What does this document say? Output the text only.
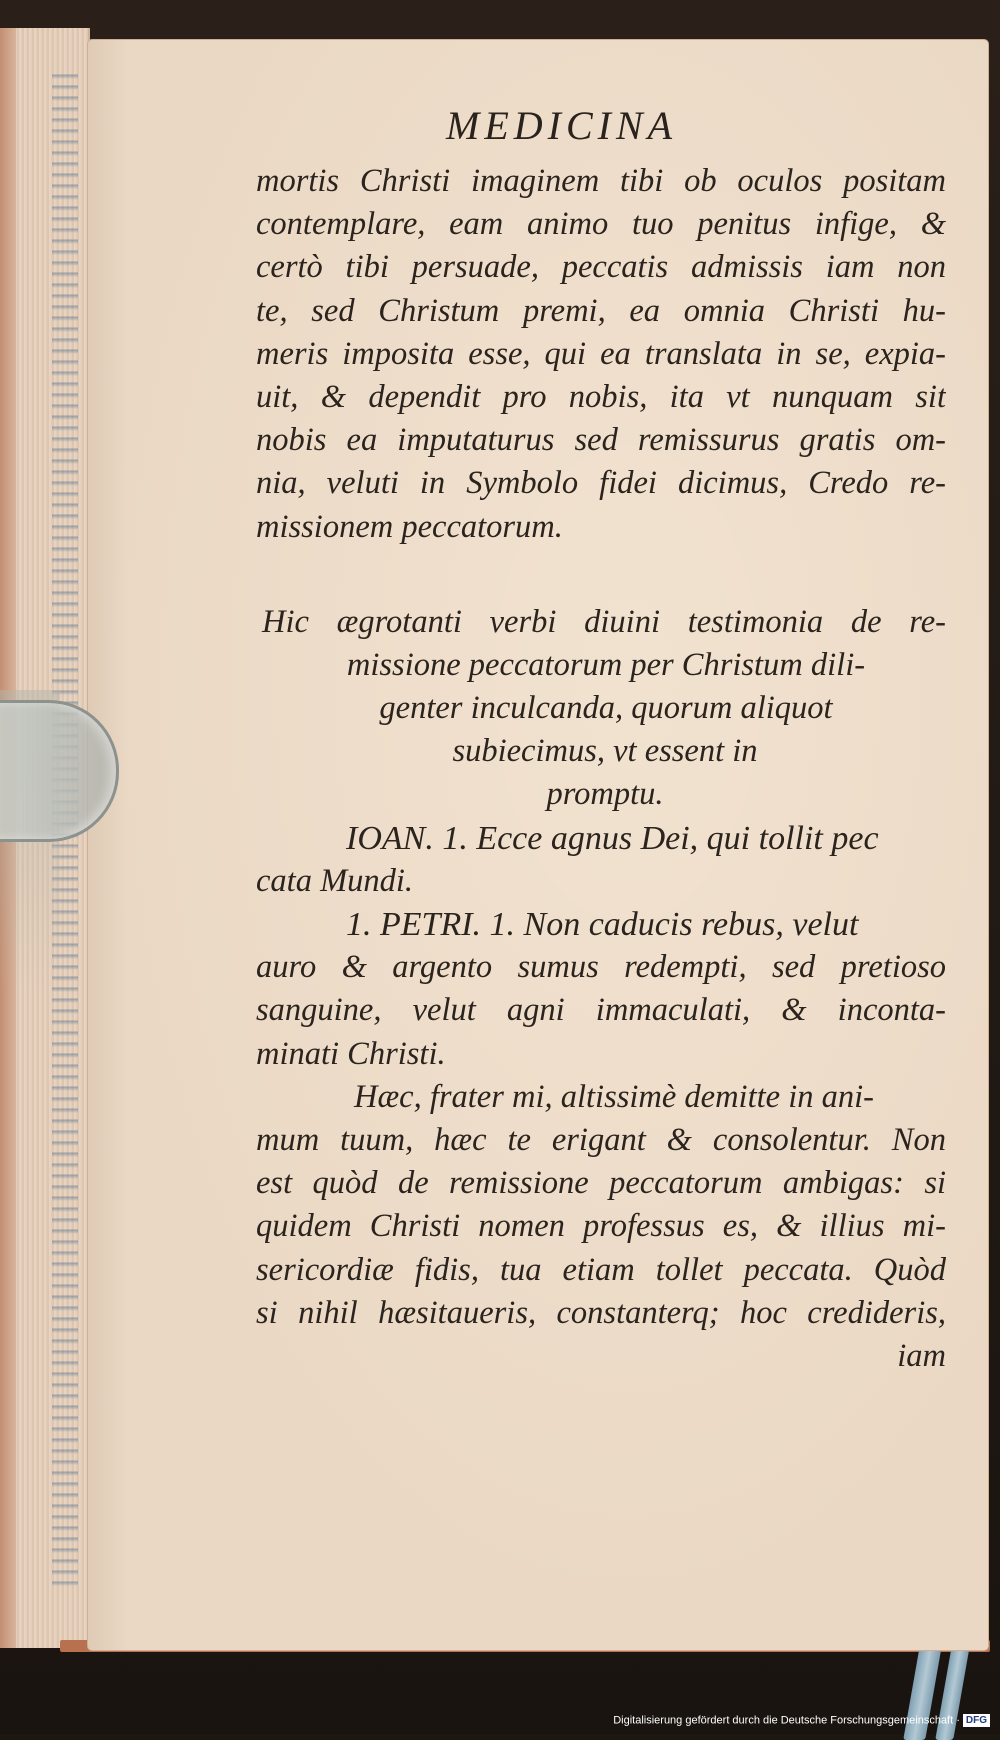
MEDICINA
mortis Christi imaginem tibi ob oculos positam
contemplare, eam animo tuo penitus infige, &
certò tibi persuade, peccatis admissis iam non
te, sed Christum premi, ea omnia Christi hu-
meris imposita esse, qui ea translata in se, expia-
uit, & dependit pro nobis, ita vt nunquam sit
nobis ea imputaturus sed remissurus gratis om-
nia, veluti in Symbolo fidei dicimus, Credo re-
missionem peccatorum.
Hic ægrotanti verbi diuini testimonia de re-
missione peccatorum per Christum dili-
genter inculcanda, quorum aliquot
subiecimus, vt essent in
promptu.
IOAN. 1. Ecce agnus Dei, qui tollit pec
cata Mundi.
1. PETRI. 1. Non caducis rebus, velut
auro & argento sumus redempti, sed pretioso
sanguine, velut agni immaculati, & inconta-
minati Christi.
Hæc, frater mi, altissimè demitte in ani-
mum tuum, hæc te erigant & consolentur. Non
est quòd de remissione peccatorum ambigas: si
quidem Christi nomen professus es, & illius mi-
sericordiæ fidis, tua etiam tollet peccata. Quòd
si nihil hæsitaueris, constanterq; hoc credideris,
iam
Digitalisierung gefördert durch die Deutsche Forschungsgemeinschaft · DFG
